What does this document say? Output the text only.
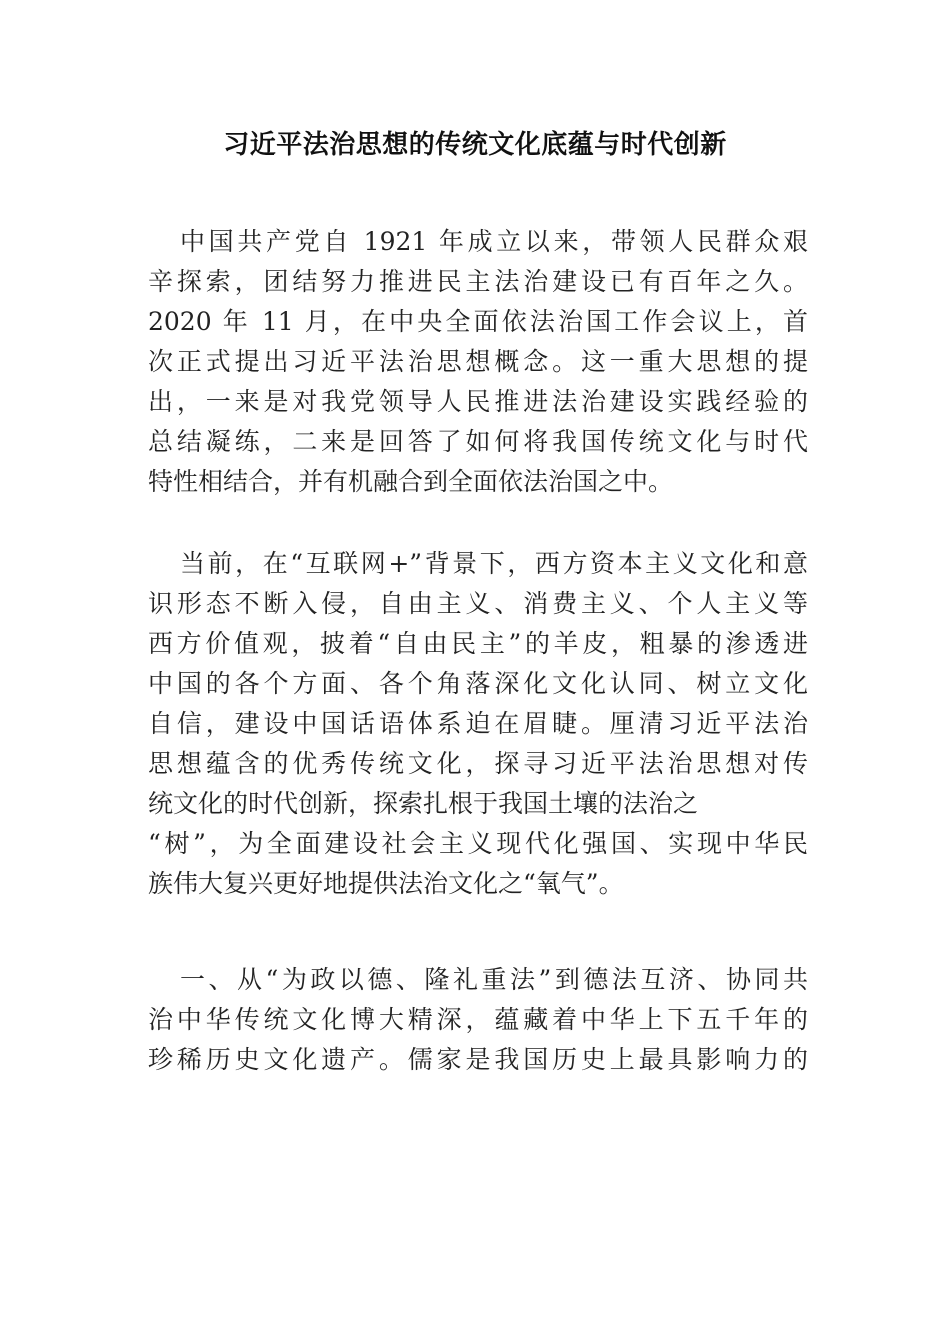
习近平法治思想的传统文化底蕴与时代创新
中国共产党自 1921 年成立以来，带领人民群众艰
辛探索，团结努力推进民主法治建设已有百年之久。
2020 年 11 月，在中央全面依法治国工作会议上，首
次正式提出习近平法治思想概念。这一重大思想的提
出，一来是对我党领导人民推进法治建设实践经验的
总结凝练，二来是回答了如何将我国传统文化与时代
特性相结合，并有机融合到全面依法治国之中。
当前，在“互联网+”背景下，西方资本主义文化和意
识形态不断入侵，自由主义、消费主义、个人主义等
西方价值观，披着“自由民主”的羊皮，粗暴的渗透进
中国的各个方面、各个角落深化文化认同、树立文化
自信，建设中国话语体系迫在眉睫。厘清习近平法治
思想蕴含的优秀传统文化，探寻习近平法治思想对传
统文化的时代创新，探索扎根于我国土壤的法治之
“树”，为全面建设社会主义现代化强国、实现中华民
族伟大复兴更好地提供法治文化之“氧气”。
一、从“为政以德、隆礼重法”到德法互济、协同共
治中华传统文化博大精深，蕴藏着中华上下五千年的
珍稀历史文化遗产。儒家是我国历史上最具影响力的
